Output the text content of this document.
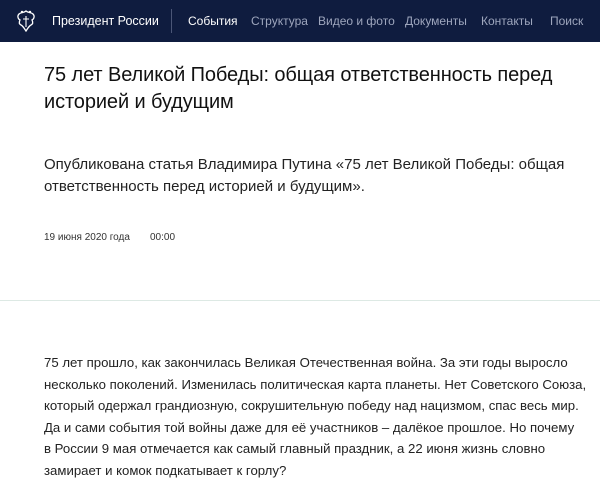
Президент России События Структура Видео и фото Документы Контакты Поиск
75 лет Великой Победы: общая ответственность перед историей и будущим

Опубликована статья Владимира Путина «75 лет Великой Победы: общая ответственность перед историей и будущим».

19 июня 2020 года 00:00
75 лет прошло, как закончилась Великая Отечественная война. За эти годы выросло
несколько поколений. Изменилась политическая карта планеты. Нет Советского Союза,
который одержал грандиозную, сокрушительную победу над нацизмом, спас весь мир.
Да и сами события той войны даже для её участников – далёкое прошлое. Но почему
в России 9 мая отмечается как самый главный праздник, а 22 июня жизнь словно
замирает и комок подкатывает к горлу?
